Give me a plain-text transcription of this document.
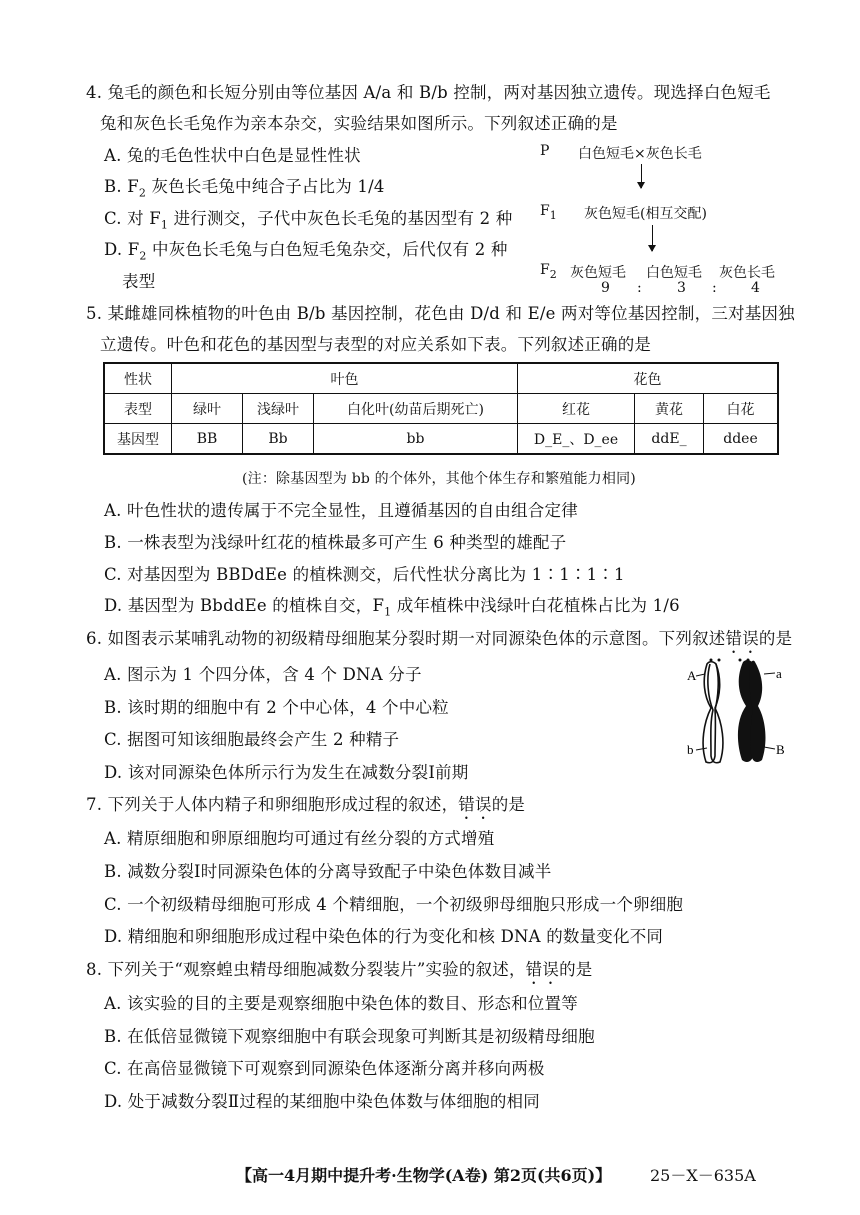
4. 兔毛的颜色和长短分别由等位基因 A/a 和 B/b 控制，两对基因独立遗传。现选择白色短毛
兔和灰色长毛兔作为亲本杂交，实验结果如图所示。下列叙述正确的是
A. 兔的毛色性状中白色是显性性状
B. $F_2$ 灰色长毛兔中纯合子占比为 1/4
C. 对 $F_1$ 进行测交，子代中灰色长毛兔的基因型有 2 种
D. $F_2$ 中灰色长毛兔与白色短毛兔杂交，后代仅有 2 种
表型
P 白色短毛×灰色长毛
$F_1$ 灰色短毛(相互交配)
$F_2$ 灰色短毛 白色短毛 灰色长毛
9 :	3 : 4
5. 某雌雄同株植物的叶色由 B/b 基因控制，花色由 D/d 和 E/e 两对等位基因控制，三对基因独
立遗传。叶色和花色的基因型与表型的对应关系如下表。下列叙述正确的是
性状	叶色			花色		
表型	绿叶	浅绿叶	白化叶(幼苗后期死亡)	红花	黄花	白花
基因型	BB	Bb	bb	D_E_、D_ee	ddE_	ddee
(注：除基因型为 bb 的个体外，其他个体生存和繁殖能力相同)
A. 叶色性状的遗传属于不完全显性，且遵循基因的自由组合定律
B. 一株表型为浅绿叶红花的植株最多可产生 6 种类型的雄配子
C. 对基因型为 BBDdEe 的植株测交，后代性状分离比为 1∶1∶1∶1
D. 基因型为 BbddEe 的植株自交，$F_1$ 成年植株中浅绿叶白花植株占比为 1/6
6. 如图表示某哺乳动物的初级精母细胞某分裂时期一对同源染色体的示意图。下列叙述错误的是
A. 图示为 1 个四分体，含 4 个 DNA 分子
B. 该时期的细胞中有 2 个中心体，4 个中心粒
C. 据图可知该细胞最终会产生 2 种精子
D. 该对同源染色体所示行为发生在减数分裂Ⅰ前期
A	a
b	B
7. 下列关于人体内精子和卵细胞形成过程的叙述，错误的是
A. 精原细胞和卵原细胞均可通过有丝分裂的方式增殖
B. 减数分裂Ⅰ时同源染色体的分离导致配子中染色体数目减半
C. 一个初级精母细胞可形成 4 个精细胞，一个初级卵母细胞只形成一个卵细胞
D. 精细胞和卵细胞形成过程中染色体的行为变化和核 DNA 的数量变化不同
8. 下列关于“观察蝗虫精母细胞减数分裂装片”实验的叙述，错误的是
A. 该实验的目的主要是观察细胞中染色体的数目、形态和位置等
B. 在低倍显微镜下观察细胞中有联会现象可判断其是初级精母细胞
C. 在高倍显微镜下可观察到同源染色体逐渐分离并移向两极
D. 处于减数分裂Ⅱ过程的某细胞中染色体数与体细胞的相同
【高一4月期中提升考·生物学(A卷) 第2页(共6页)】 25－X－635A
